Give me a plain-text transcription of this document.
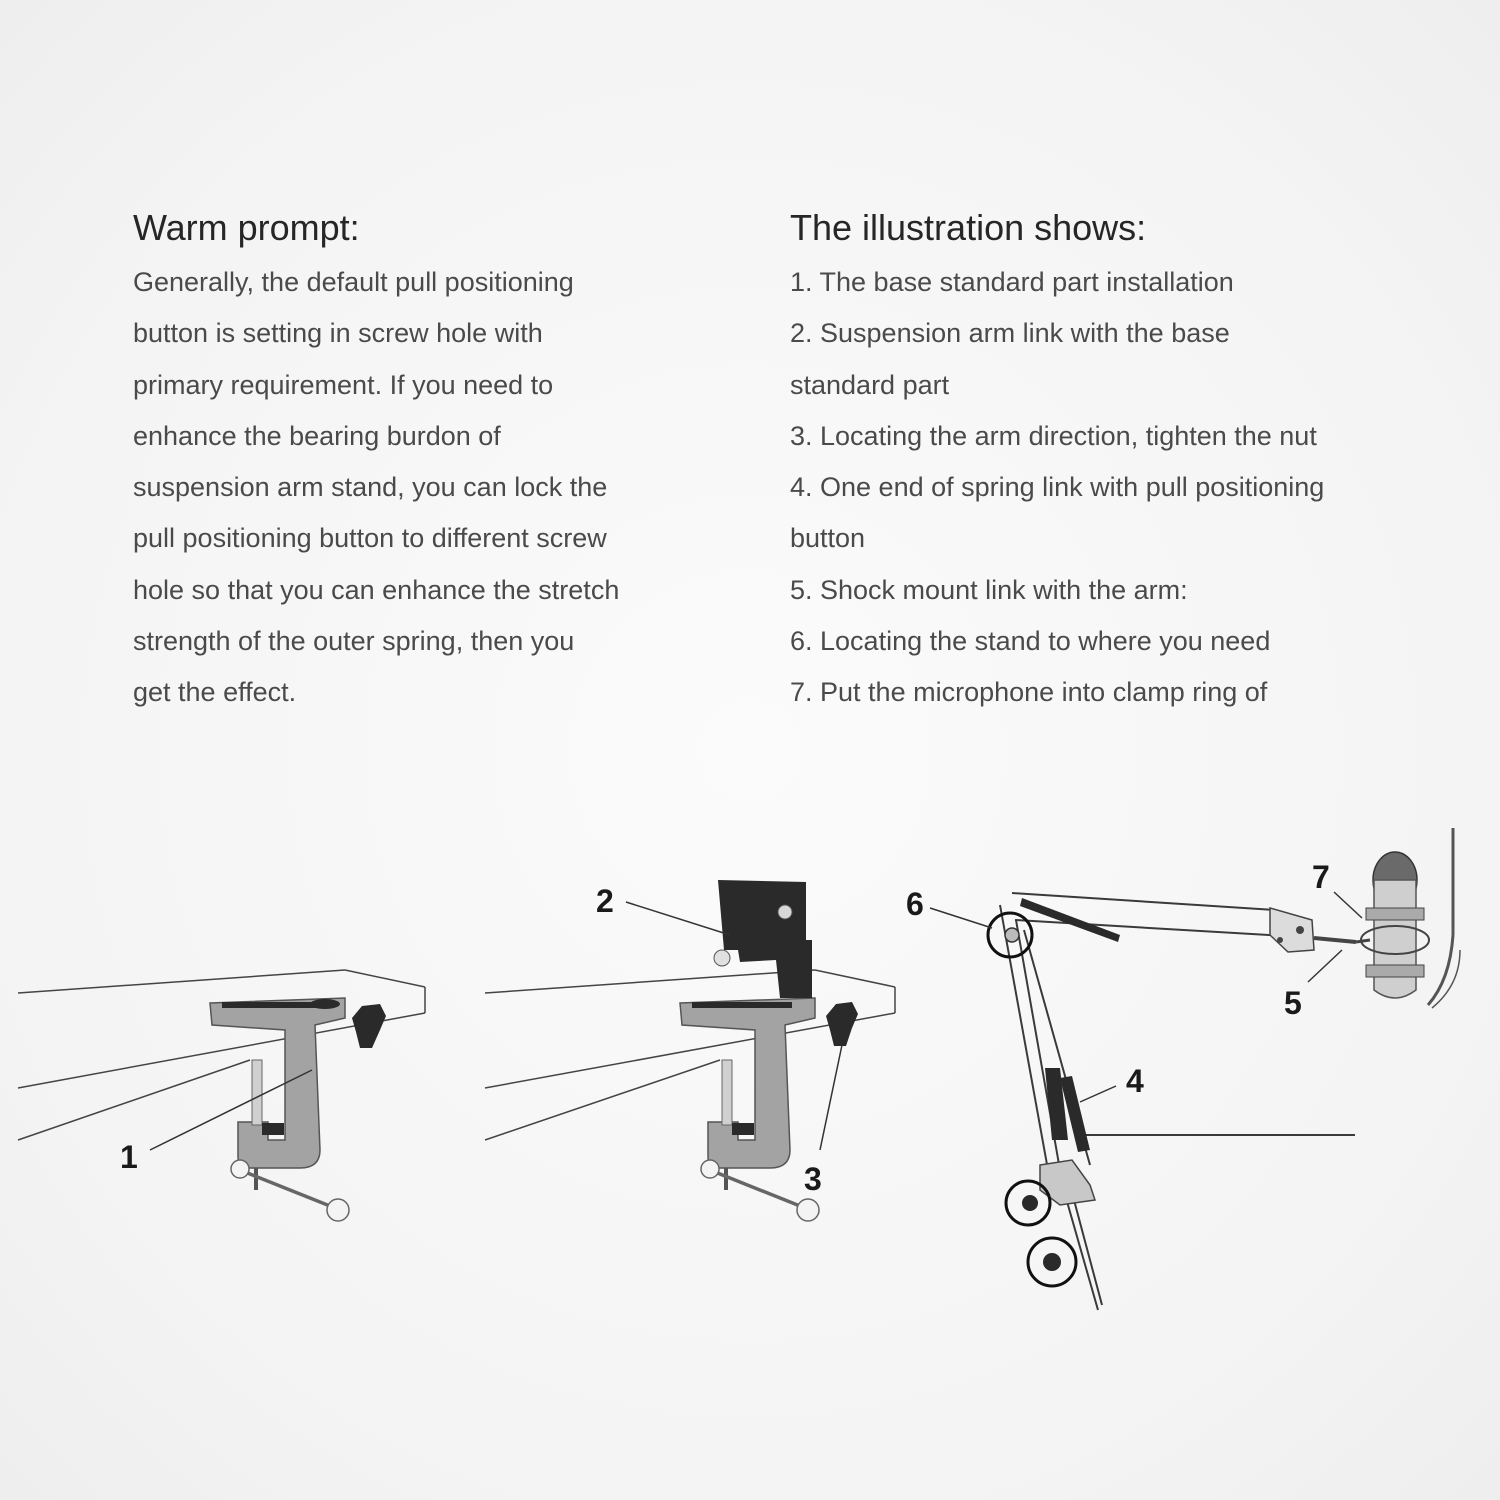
Warm prompt:

Generally, the default pull positioning
button is setting in screw hole with
primary requirement. If you need to
enhance the bearing burdon of
suspension arm stand, you can lock the
pull positioning button to different screw
hole so that you can enhance the stretch
strength of the outer spring, then you
get the effect.

The illustration shows:
1. The base standard part installation
2. Suspension arm link with the base
standard part
3. Locating the arm direction, tighten the nut
4. One end of spring link with pull positioning
button
5. Shock mount link with the arm:
6. Locating the stand to where you need
7. Put the microphone into clamp ring of
1
2
3
6
4
7
5
